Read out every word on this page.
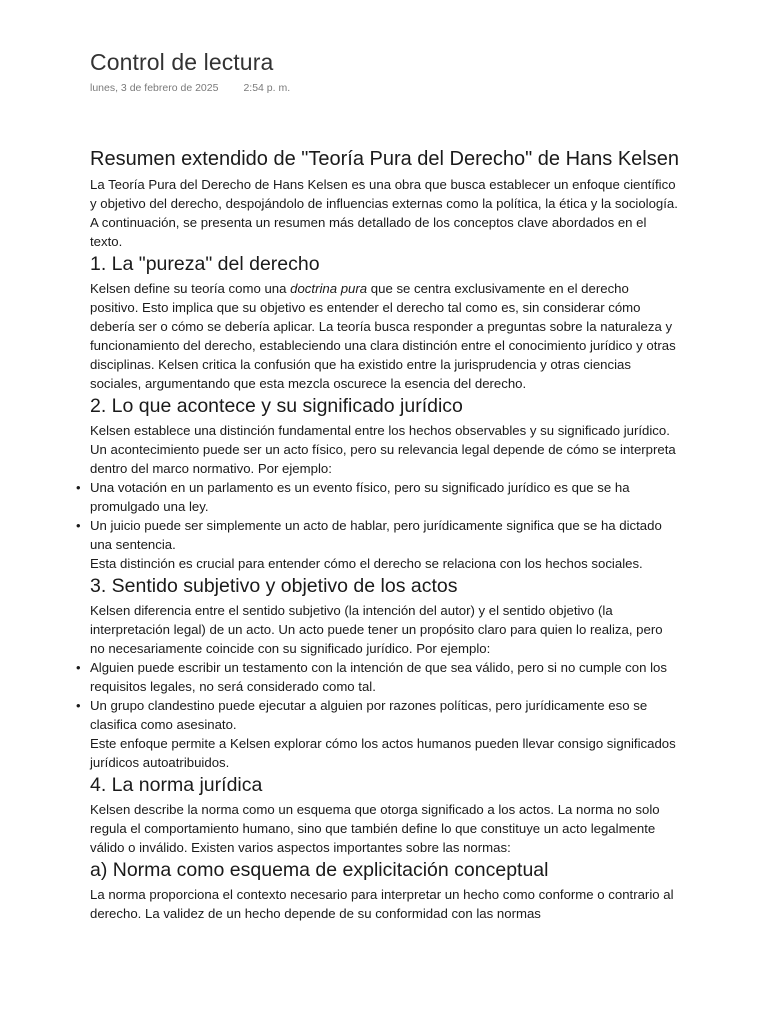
Control de lectura
lunes, 3 de febrero de 2025 2:54 p. m.
Resumen extendido de "Teoría Pura del Derecho" de Hans Kelsen

La Teoría Pura del Derecho de Hans Kelsen es una obra que busca establecer un enfoque científico y objetivo del derecho, despojándolo de influencias externas como la política, la ética y la sociología. A continuación, se presenta un resumen más detallado de los conceptos clave abordados en el texto.

1. La "pureza" del derecho

Kelsen define su teoría como una doctrina pura que se centra exclusivamente en el derecho positivo. Esto implica que su objetivo es entender el derecho tal como es, sin considerar cómo debería ser o cómo se debería aplicar. La teoría busca responder a preguntas sobre la naturaleza y funcionamiento del derecho, estableciendo una clara distinción entre el conocimiento jurídico y otras disciplinas. Kelsen critica la confusión que ha existido entre la jurisprudencia y otras ciencias sociales, argumentando que esta mezcla oscurece la esencia del derecho.

2. Lo que acontece y su significado jurídico

Kelsen establece una distinción fundamental entre los hechos observables y su significado jurídico. Un acontecimiento puede ser un acto físico, pero su relevancia legal depende de cómo se interpreta dentro del marco normativo. Por ejemplo:

• Una votación en un parlamento es un evento físico, pero su significado jurídico es que se ha promulgado una ley.
• Un juicio puede ser simplemente un acto de hablar, pero jurídicamente significa que se ha dictado una sentencia.

Esta distinción es crucial para entender cómo el derecho se relaciona con los hechos sociales.

3. Sentido subjetivo y objetivo de los actos

Kelsen diferencia entre el sentido subjetivo (la intención del autor) y el sentido objetivo (la interpretación legal) de un acto. Un acto puede tener un propósito claro para quien lo realiza, pero no necesariamente coincide con su significado jurídico. Por ejemplo:

• Alguien puede escribir un testamento con la intención de que sea válido, pero si no cumple con los requisitos legales, no será considerado como tal.
• Un grupo clandestino puede ejecutar a alguien por razones políticas, pero jurídicamente eso se clasifica como asesinato.

Este enfoque permite a Kelsen explorar cómo los actos humanos pueden llevar consigo significados jurídicos autoatribuidos.

4. La norma jurídica

Kelsen describe la norma como un esquema que otorga significado a los actos. La norma no solo regula el comportamiento humano, sino que también define lo que constituye un acto legalmente válido o inválido. Existen varios aspectos importantes sobre las normas:

a) Norma como esquema de explicitación conceptual

La norma proporciona el contexto necesario para interpretar un hecho como conforme o contrario al derecho. La validez de un hecho depende de su conformidad con las normas
